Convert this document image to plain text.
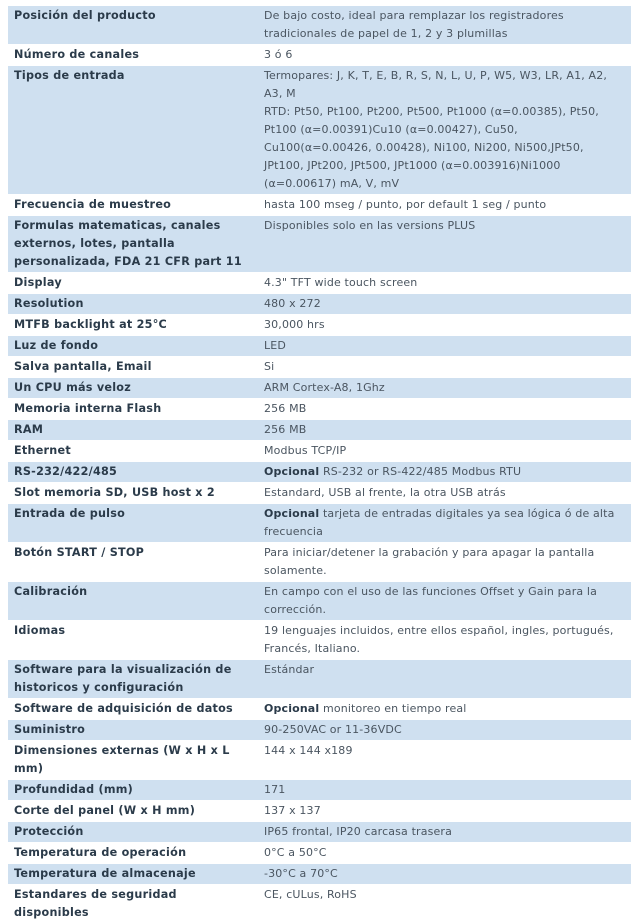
Posición del producto	De bajo costo, ideal para remplazar los registradores tradicionales de papel de 1, 2 y 3 plumillas
Número de canales	3 ó 6
Tipos de entrada	Termopares: J, K, T, E, B, R, S, N, L, U, P, W5, W3, LR, A1, A2, A3, M
RTD: Pt50, Pt100, Pt200, Pt500, Pt1000 (α=0.00385), Pt50, Pt100 (α=0.00391)Cu10 (α=0.00427), Cu50, Cu100(α=0.00426, 0.00428), Ni100, Ni200, Ni500,JPt50, JPt100, JPt200, JPt500, JPt1000 (α=0.003916)Ni1000 (α=0.00617) mA, V, mV

Frecuencia de muestreo	hasta 100 mseg / punto, por default 1 seg / punto
Formulas matematicas, canales externos, lotes, pantalla personalizada, FDA 21 CFR part 11	Disponibles solo en las versions PLUS
Display	4.3" TFT wide touch screen
Resolution	480 x 272
MTFB backlight at 25°C	30,000 hrs
Luz de fondo	LED
Salva pantalla, Email	Si
Un CPU más veloz	ARM Cortex-A8, 1Ghz
Memoria interna Flash	256 MB
RAM	256 MB
Ethernet	Modbus TCP/IP
RS-232/422/485	Opcional RS-232 or RS-422/485 Modbus RTU
Slot memoria SD, USB host x 2	Estandard, USB al frente, la otra USB atrás
Entrada de pulso	Opcional tarjeta de entradas digitales ya sea lógica ó de alta frecuencia
Botón START / STOP	Para iniciar/detener la grabación y para apagar la pantalla solamente.
Calibración	En campo con el uso de las funciones Offset y Gain para la corrección.
Idiomas	19 lenguajes incluidos, entre ellos español, ingles, portugués, Francés, Italiano.
Software para la visualización de historicos y configuración	Estándar
Software de adquisición de datos	Opcional monitoreo en tiempo real
Suministro	90-250VAC or 11-36VDC
Dimensiones externas (W x H x L mm)	144 x 144 x189
Profundidad (mm)	171
Corte del panel (W x H mm)	137 x 137
Protección	IP65 frontal, IP20 carcasa trasera
Temperatura de operación	0°C a 50°C
Temperatura de almacenaje	-30°C a 70°C
Estandares de seguridad disponibles	CE, cULus, RoHS
